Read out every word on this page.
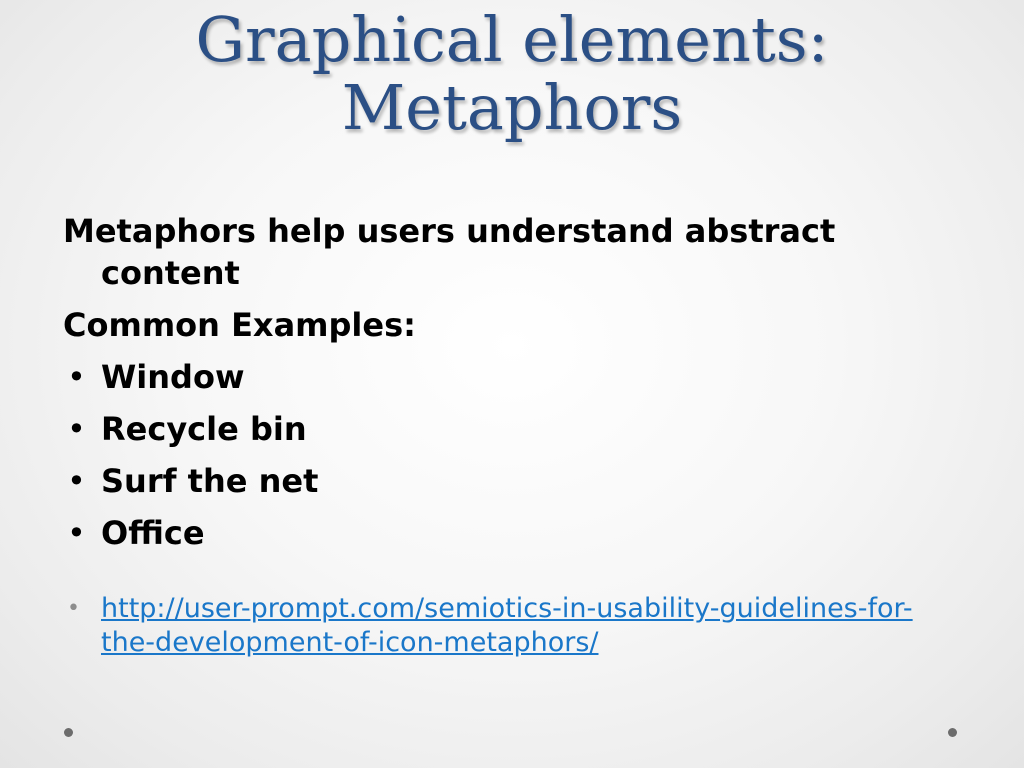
Graphical elements:
Metaphors

Metaphors help users understand abstract content

Common Examples:

• Window
• Recycle bin
• Surf the net
• Office
• http://user-prompt.com/semiotics-in-usability-guidelines-for-the-development-of-icon-metaphors/
